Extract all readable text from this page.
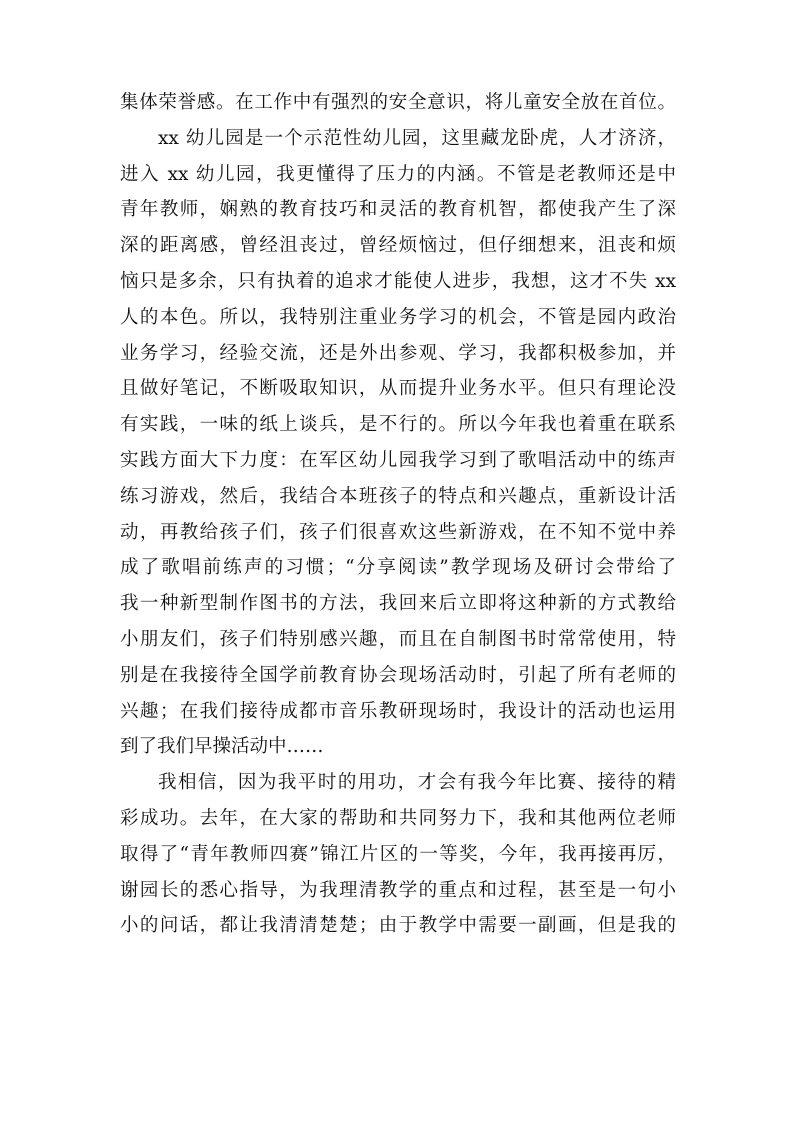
集体荣誉感。在工作中有强烈的安全意识，将儿童安全放在首位。
xx 幼儿园是一个示范性幼儿园，这里藏龙卧虎，人才济济，
进入 xx 幼儿园，我更懂得了压力的内涵。不管是老教师还是中
青年教师，娴熟的教育技巧和灵活的教育机智，都使我产生了深
深的距离感，曾经沮丧过，曾经烦恼过，但仔细想来，沮丧和烦
恼只是多余，只有执着的追求才能使人进步，我想，这才不失 xx
人的本色。所以，我特别注重业务学习的机会，不管是园内政治
业务学习，经验交流，还是外出参观、学习，我都积极参加，并
且做好笔记，不断吸取知识，从而提升业务水平。但只有理论没
有实践，一味的纸上谈兵，是不行的。所以今年我也着重在联系
实践方面大下力度：在军区幼儿园我学习到了歌唱活动中的练声
练习游戏，然后，我结合本班孩子的特点和兴趣点，重新设计活
动，再教给孩子们，孩子们很喜欢这些新游戏，在不知不觉中养
成了歌唱前练声的习惯；“分享阅读”教学现场及研讨会带给了
我一种新型制作图书的方法，我回来后立即将这种新的方式教给
小朋友们，孩子们特别感兴趣，而且在自制图书时常常使用，特
别是在我接待全国学前教育协会现场活动时，引起了所有老师的
兴趣；在我们接待成都市音乐教研现场时，我设计的活动也运用
到了我们早操活动中……
我相信，因为我平时的用功，才会有我今年比赛、接待的精
彩成功。去年，在大家的帮助和共同努力下，我和其他两位老师
取得了“青年教师四赛”锦江片区的一等奖，今年，我再接再厉，
谢园长的悉心指导，为我理清教学的重点和过程，甚至是一句小
小的问话，都让我清清楚楚；由于教学中需要一副画，但是我的
